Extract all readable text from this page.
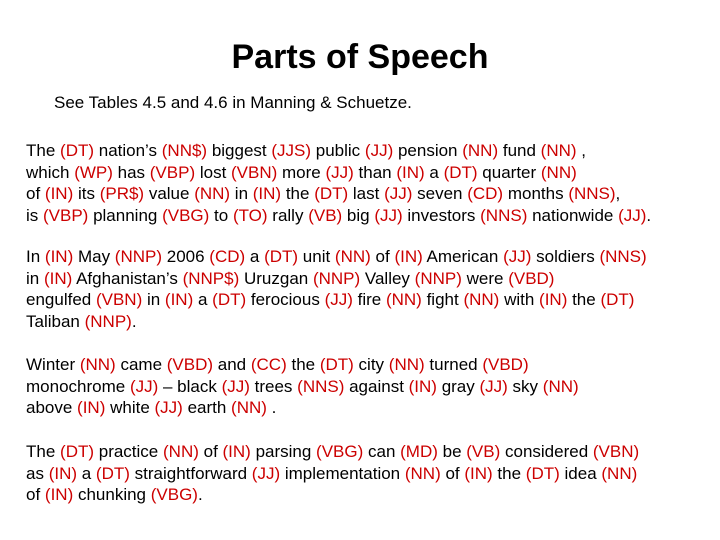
Parts of Speech

See Tables 4.5 and 4.6 in Manning & Schuetze.

The (DT) nation’s (NN$) biggest (JJS) public (JJ) pension (NN) fund (NN) ,
which (WP) has (VBP) lost (VBN) more (JJ) than (IN) a (DT) quarter (NN)
of (IN) its (PR$) value (NN) in (IN) the (DT) last (JJ) seven (CD) months (NNS),
is (VBP) planning (VBG) to (TO) rally (VB) big (JJ) investors (NNS) nationwide (JJ).
In (IN) May (NNP) 2006 (CD) a (DT) unit (NN) of (IN) American (JJ) soldiers (NNS)
in (IN) Afghanistan’s (NNP$) Uruzgan (NNP) Valley (NNP) were (VBD)
engulfed (VBN) in (IN) a (DT) ferocious (JJ) fire (NN) fight (NN) with (IN) the (DT)
Taliban (NNP).
Winter (NN) came (VBD) and (CC) the (DT) city (NN) turned (VBD)
monochrome (JJ) – black (JJ) trees (NNS) against (IN) gray (JJ) sky (NN)
above (IN) white (JJ) earth (NN) .
The (DT) practice (NN) of (IN) parsing (VBG) can (MD) be (VB) considered (VBN)
as (IN) a (DT) straightforward (JJ) implementation (NN) of (IN) the (DT) idea (NN)
of (IN) chunking (VBG).
